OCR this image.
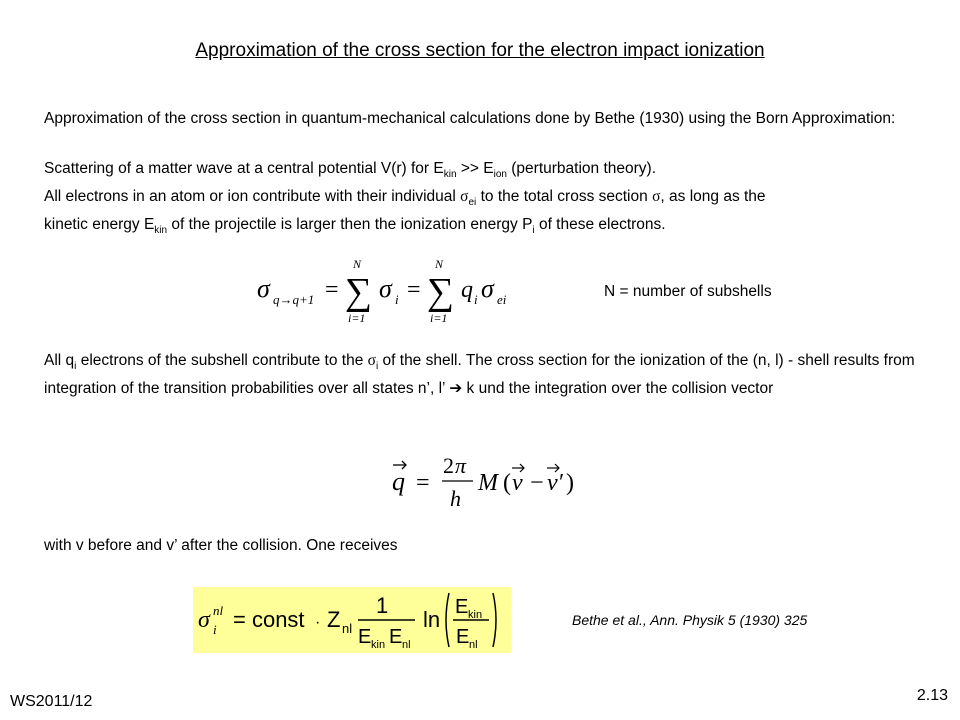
Approximation of the cross section for the electron impact ionization
Approximation of the cross section in quantum-mechanical calculations done by Bethe (1930) using the Born Approximation:
Scattering of a matter wave at a central potential V(r) for $E_{kin} >> E_{ion}$ (perturbation theory).
All electrons in an atom or ion contribute with their individual $\sigma_{ei}$ to the total cross section σ, as long as the
kinetic energy $E_{kin}$ of the projectile is larger then the ionization energy $P_i$ of these electrons.
σ q→q+1 =
N
∑
i=1
σ i =
N
∑
i=1
q i σ ei	N = number of subshells
All $q_i$ electrons of the subshell contribute to the $\sigma_i$ of the shell. The cross section for the ionization of the (n, l) - shell results from integration of the transition probabilities over all states n’, l’ ➔ k und the integration over the collision vector
q =
2 π
h
M ( v − v ′ )
with v before and v’ after the collision. One receives
σ nl
i = const · Z nl
1
E kin E nl
ln E kin
E nl
Bethe et al., Ann. Physik 5 (1930) 325
WS2011/12	2.13
